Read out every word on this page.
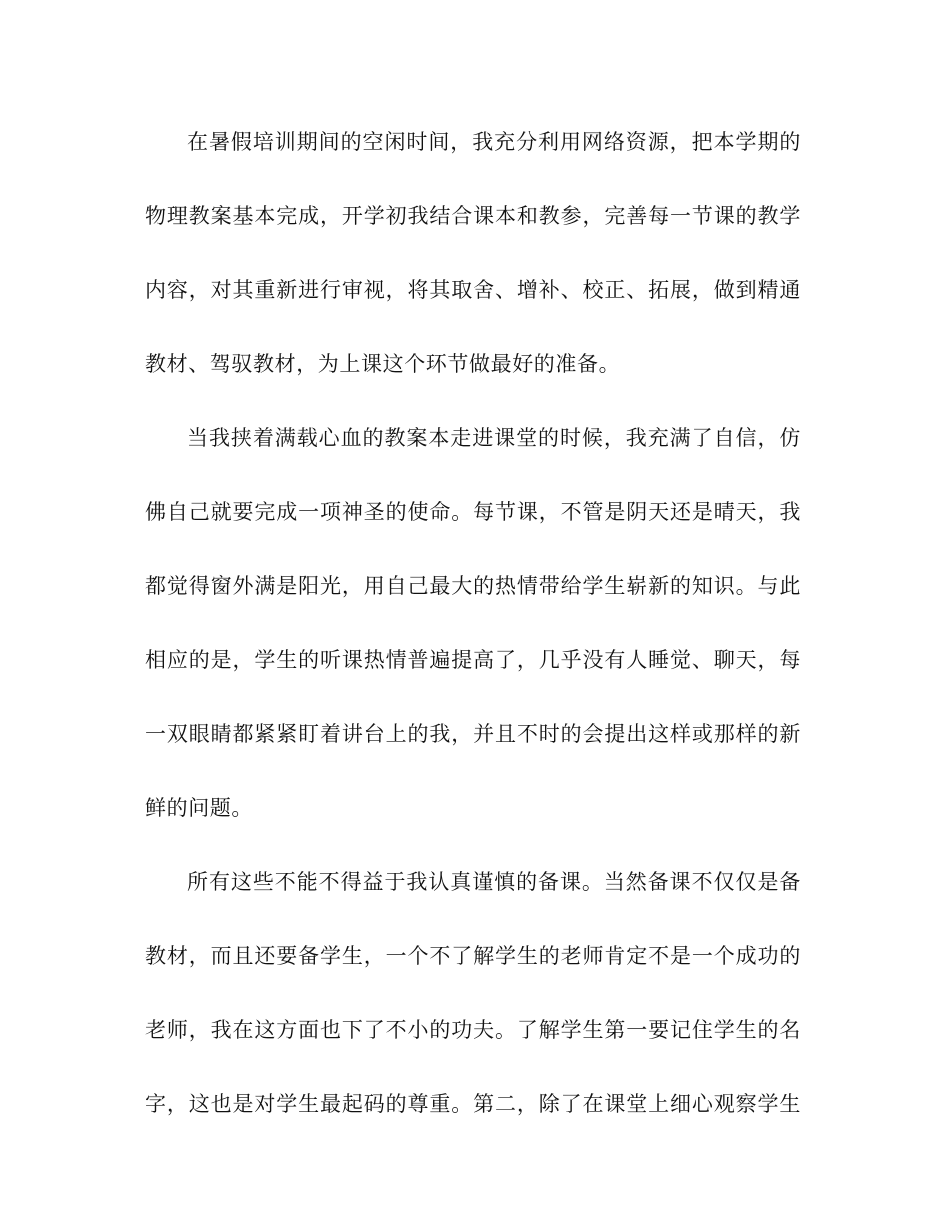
在暑假培训期间的空闲时间，我充分利用网络资源，把本学期的
物理教案基本完成，开学初我结合课本和教参，完善每一节课的教学
内容，对其重新进行审视，将其取舍、增补、校正、拓展，做到精通
教材、驾驭教材，为上课这个环节做最好的准备。
当我挟着满载心血的教案本走进课堂的时候，我充满了自信，仿
佛自己就要完成一项神圣的使命。每节课，不管是阴天还是晴天，我
都觉得窗外满是阳光，用自己最大的热情带给学生崭新的知识。与此
相应的是，学生的听课热情普遍提高了，几乎没有人睡觉、聊天，每
一双眼睛都紧紧盯着讲台上的我，并且不时的会提出这样或那样的新
鲜的问题。
所有这些不能不得益于我认真谨慎的备课。当然备课不仅仅是备
教材，而且还要备学生，一个不了解学生的老师肯定不是一个成功的
老师，我在这方面也下了不小的功夫。了解学生第一要记住学生的名
字，这也是对学生最起码的尊重。第二，除了在课堂上细心观察学生
